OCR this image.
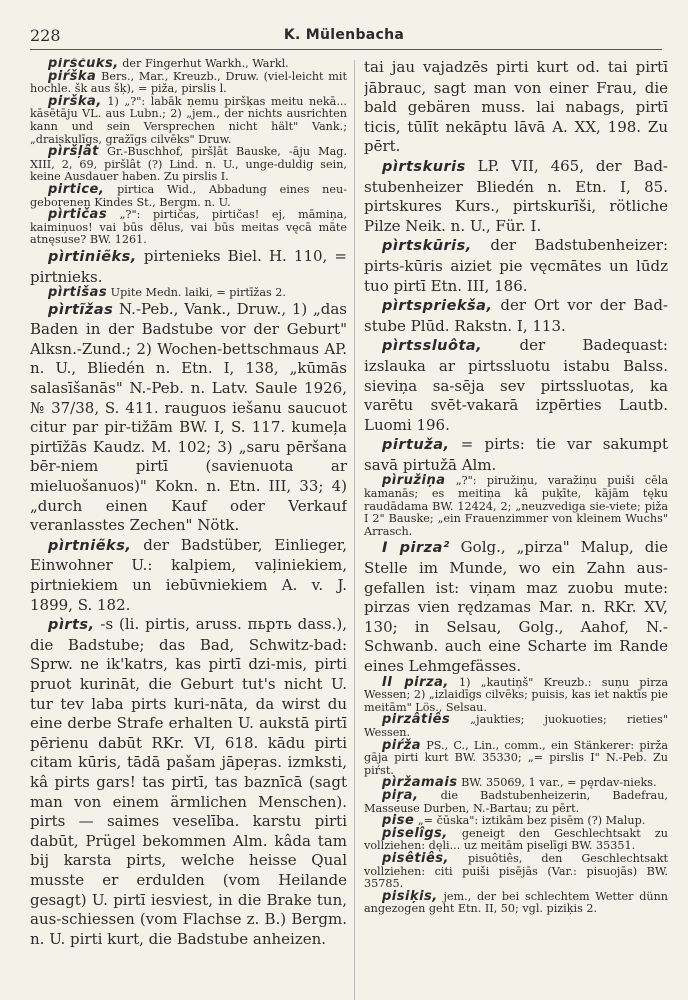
228	K. Mülenbacha

pirščuks, der Fingerhut Warkh., Warkl.

piŕška Bers., Mar., Kreuzb., Druw. (viel-leicht mit hochle. šk aus šķ), = piža, pirslis l.

pirška, 1) „?": labāk ņemu piršķas meitu nekā... kāsētāju VL. aus Lubn.; 2) „jem., der nichts ausrichten kann und sein Versprechen nicht hält" Vank.; „draiskulīgs, gražīgs cilvēks" Druw.

pìršļât Gr.-Buschhof, piršļāt Bauske, -āju Mag. XIII, 2, 69, piršlât (?) Lind. n. U., unge-duldig sein, keine Ausdauer haben. Zu pirslis I.

pirtice, pirtica Wid., Abbadung eines neu-geborenen Kindes St., Bergm. n. U.

pìrtičas „?": pirtičas, pirtičas! ej, māmiņa, kaimiņuos! vai būs dēlus, vai būs meitas vęcā māte atnęsuse? BW. 1261.

pìrtiniẽks, pirtenieks Biel. H. 110, = pirtnieks.

pìrtišas Upite Medn. laiki, = pirtīžas 2.

pìrtĩžas N.-Peb., Vank., Druw., 1) „das Baden in der Badstube vor der Geburt" Alksn.-Zund.; 2) Wochen-bettschmaus AP. n. U., Bliedén n. Etn. I, 138, „kūmās salasīšanās" N.-Peb. n. Latv. Saule 1926, № 37/38, S. 411. rauguos iešanu saucuot citur par pir-tižām BW. I, S. 117. kumeļa pirtīžās Kaudz. M. 102; 3) „saru pēršana bēr-niem pirtī (savienuota ar mieluošanuos)" Kokn. n. Etn. III, 33; 4) „durch einen Kauf oder Verkauf veranlasstes Zechen" Nötk.

pìrtniẽks, der Badstüber, Einlieger, Einwohner U.: kalpiem, vaļiniekiem, pirtniekiem un iebūvniekiem A. v. J. 1899, S. 182.

pìrts, -s (li. pirtis, aruss. пьрть dass.), die Badstube; das Bad, Schwitz-bad: Sprw. ne ik'katrs, kas pirtī dzi-mis, pirti pruot kurināt, die Geburt tut's nicht U. tur tev laba pirts kuri-nāta, da wirst du eine derbe Strafe erhalten U. aukstā pirtī pērienu dabūt RKr. VI, 618. kādu pirti citam kūris, tādā pašam jāpeŗas. izmksti, kâ pirts gars! tas pirtī, tas baznīcā (sagt man von einem ärmlichen Menschen). pirts — saimes veselība. karstu pirti dabūt, Prügel bekommen Alm. kâda tam bij karsta pirts, welche heisse Qual musste er erdulden (vom Heilande gesagt) U. pirtī iesviest, in die Brake tun, aus-schiessen (vom Flachse z. B.) Bergm. n. U. pirti kurt, die Badstube anheizen.

tai jau vajadzēs pirti kurt od. tai pirtī jābrauc, sagt man von einer Frau, die bald gebären muss. lai nabags, pirtī ticis, tūlīt nekāptu lāvā A. XX, 198. Zu pērt.

pìrtskuris LP. VII, 465, der Bad-stubenheizer Bliedén n. Etn. I, 85. pirtskures Kurs., pirtskurīši, rötliche Pilze Neik. n. U., Für. I.

pìrtskūris, der Badstubenheizer: pirts-kūris aiziet pie vęcmātes un lūdz tuo pirtī Etn. III, 186.

pìrtspriekša, der Ort vor der Bad-stube Plūd. Rakstn. I, 113.

pìrtssluôta, der Badequast: izslauka ar pirtssluotu istabu Balss. sieviņa sa-sēja sev pirtssluotas, ka varētu svēt-vakarā izpērties Lautb. Luomi 196.

pirtuža, = pirts: tie var sakumpt savā pirtužā Alm.

pìružiņa „?": piružiņu, varažiņu puiši cēla kamanās; es meitiņa kâ puķīte, kājām tęku raudādama BW. 12424, 2; „neuzvediga sie-viete; piža I 2" Bauske; „ein Frauenzimmer von kleinem Wuchs" Arrasch.

I pirza² Golg., „pirza" Malup, die Stelle im Munde, wo ein Zahn aus-gefallen ist: viņam maz zuobu mute: pirzas vien rędzamas Mar. n. RKr. XV, 130; in Selsau, Golg., Aahof, N.-Schwanb. auch eine Scharte im Rande eines Lehmgefässes.

II pirza, 1) „kautiņš" Kreuzb.: suņu pirza Wessen; 2) „izlaidīgs cilvēks; puisis, kas iet naktīs pie meitām" Lös., Selsau.

pirzâtiês „jaukties; juokuoties; rieties" Wessen.

piŕža PS., C., Lin., comm., ein Stänkerer: pirža gāja pirti kurt BW. 35330; „= pirslis I" N.-Peb. Zu piŕst.

pìržamais BW. 35069, 1 var., = pęrdav-nieks.

piŗa, die Badstubenheizerin, Badefrau, Masseuse Durben, N.-Bartau; zu pērt.

pise „= čūska": iztikām bez pisēm (?) Malup.

piselîgs, geneigt den Geschlechtsakt zu vollziehen: dęli... uz meitām piselīgi BW. 35351.

pisêtiês, pisuôtiês, den Geschlechtsakt vollziehen: citi puiši pisējās (Var.: pisuojās) BW. 35785.

pisiķis, jem., der bei schlechtem Wetter dünn angezogen geht Etn. II, 50; vgl. piziķis 2.
